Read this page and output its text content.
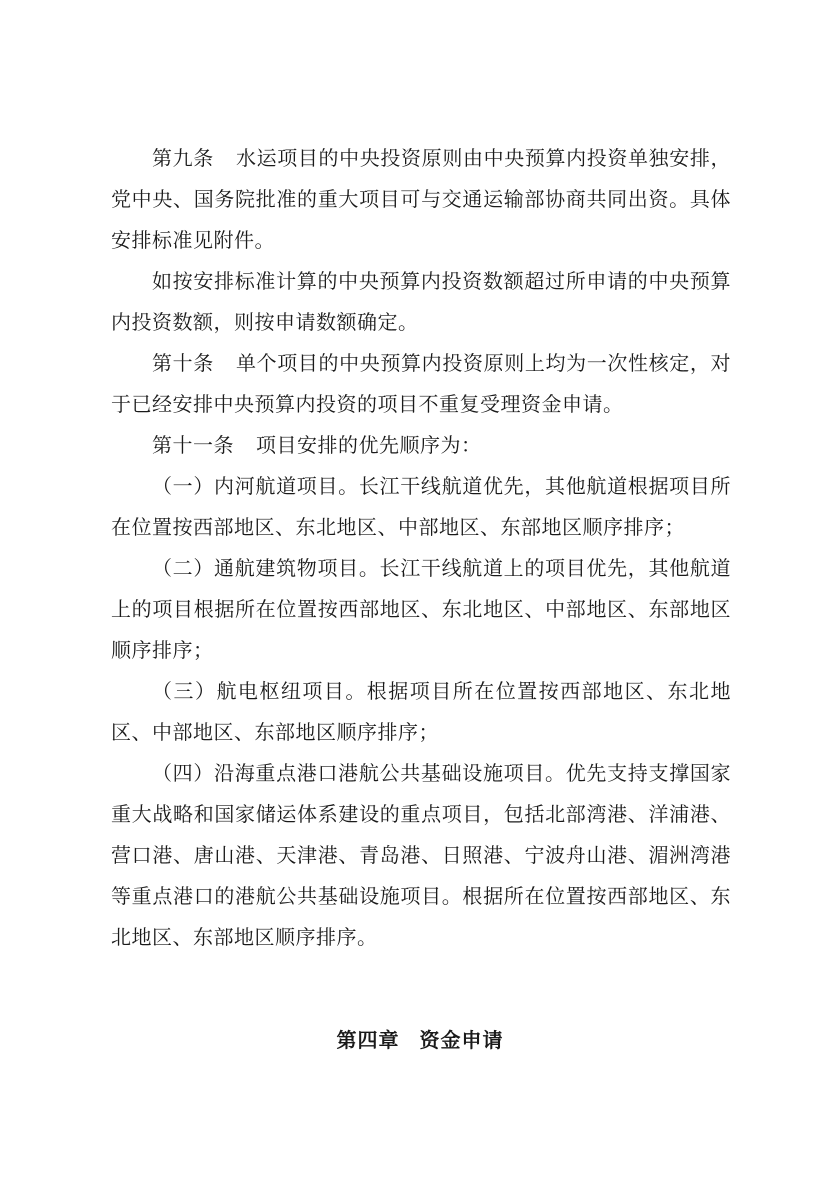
第九条 水运项目的中央投资原则由中央预算内投资单独安排，党中央、国务院批准的重大项目可与交通运输部协商共同出资。具体安排标准见附件。

如按安排标准计算的中央预算内投资数额超过所申请的中央预算内投资数额，则按申请数额确定。

第十条 单个项目的中央预算内投资原则上均为一次性核定，对于已经安排中央预算内投资的项目不重复受理资金申请。

第十一条 项目安排的优先顺序为：

（一）内河航道项目。长江干线航道优先，其他航道根据项目所在位置按西部地区、东北地区、中部地区、东部地区顺序排序；

（二）通航建筑物项目。长江干线航道上的项目优先，其他航道上的项目根据所在位置按西部地区、东北地区、中部地区、东部地区顺序排序；

（三）航电枢纽项目。根据项目所在位置按西部地区、东北地区、中部地区、东部地区顺序排序；

（四）沿海重点港口港航公共基础设施项目。优先支持支撑国家重大战略和国家储运体系建设的重点项目，包括北部湾港、洋浦港、营口港、唐山港、天津港、青岛港、日照港、宁波舟山港、湄洲湾港等重点港口的港航公共基础设施项目。根据所在位置按西部地区、东北地区、东部地区顺序排序。

第四章 资金申请
